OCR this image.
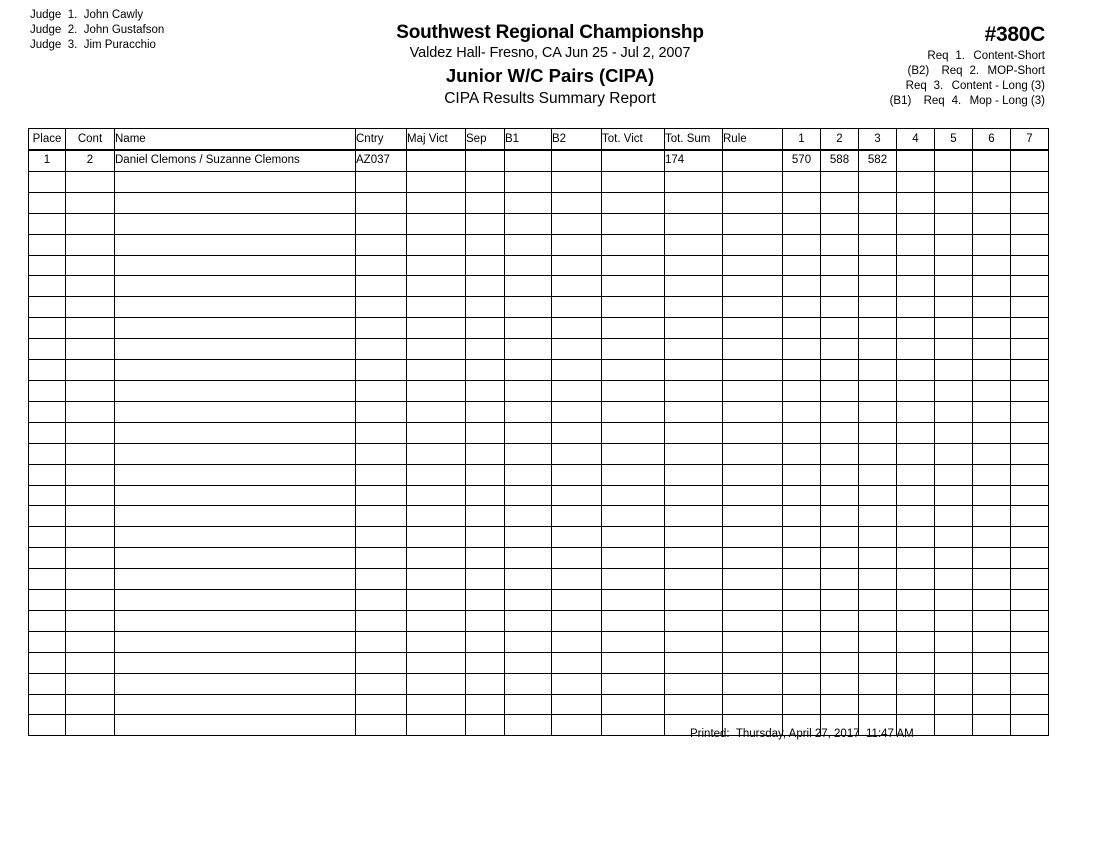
Judge  1.  John Cawly
Judge  2.  John Gustafson
Judge  3.  Jim Puracchio
Southwest Regional Championshp
Valdez Hall- Fresno, CA Jun 25 - Jul 2, 2007
Junior W/C Pairs (CIPA)
CIPA Results Summary Report
#380C
Req 1. Content-Short
(B2)	Req 2. MOP-Short
Req 3. Content - Long (3)
(B1)	Req 4. Mop - Long (3)
Place	Cont	Name	Cntry	Maj Vict	Sep	B1	B2	Tot. Vict	Tot. Sum	Rule	1	2	3	4	5	6	7
1	2	Daniel Clemons / Suzanne Clemons	AZ037						174		570	588	582				

Printed:  Thursday, April 27, 2017  11:47 AM
